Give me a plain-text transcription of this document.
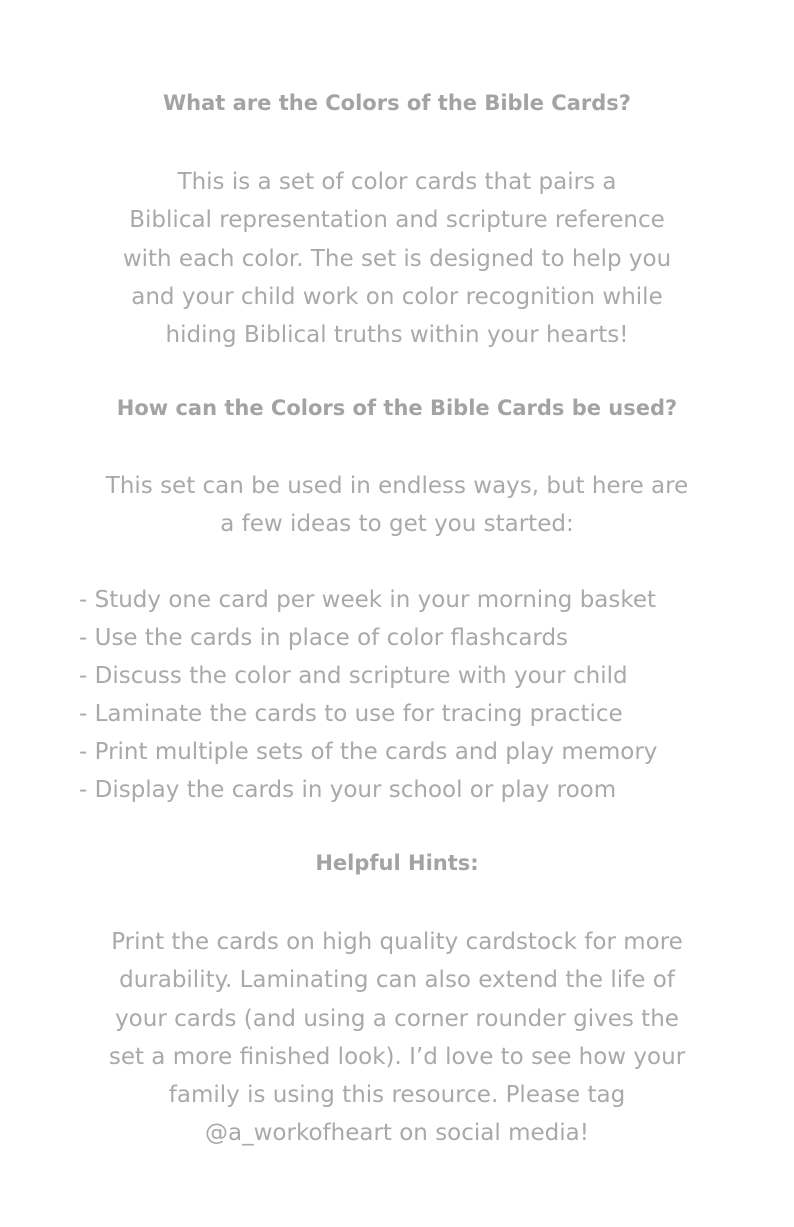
What are the Colors of the Bible Cards?
This is a set of color cards that pairs a
Biblical representation and scripture reference
with each color. The set is designed to help you
and your child work on color recognition while
hiding Biblical truths within your hearts!
How can the Colors of the Bible Cards be used?
This set can be used in endless ways, but here are
a few ideas to get you started:
- Study one card per week in your morning basket
- Use the cards in place of color flashcards
- Discuss the color and scripture with your child
- Laminate the cards to use for tracing practice
- Print multiple sets of the cards and play memory
- Display the cards in your school or play room
Helpful Hints:
Print the cards on high quality cardstock for more
durability. Laminating can also extend the life of
your cards (and using a corner rounder gives the
set a more finished look). I’d love to see how your
family is using this resource. Please tag
@a_workofheart on social media!
